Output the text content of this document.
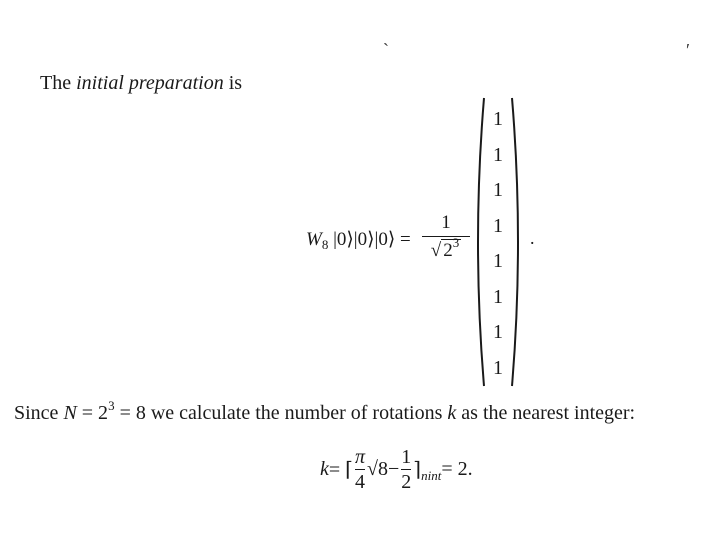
`	′
The initial preparation is
$W_8$ |0⟩|0⟩|0⟩ =
1
√ $2^3$
1
1
1
1
1
1
1
1
.
Since $N = 2^3 = 8$ we calculate the number of rotations k as the nearest integer:
k= ⌈ $\frac{\pi}{4} √8- \frac{1}{2}$ ⌉nint= 2.
